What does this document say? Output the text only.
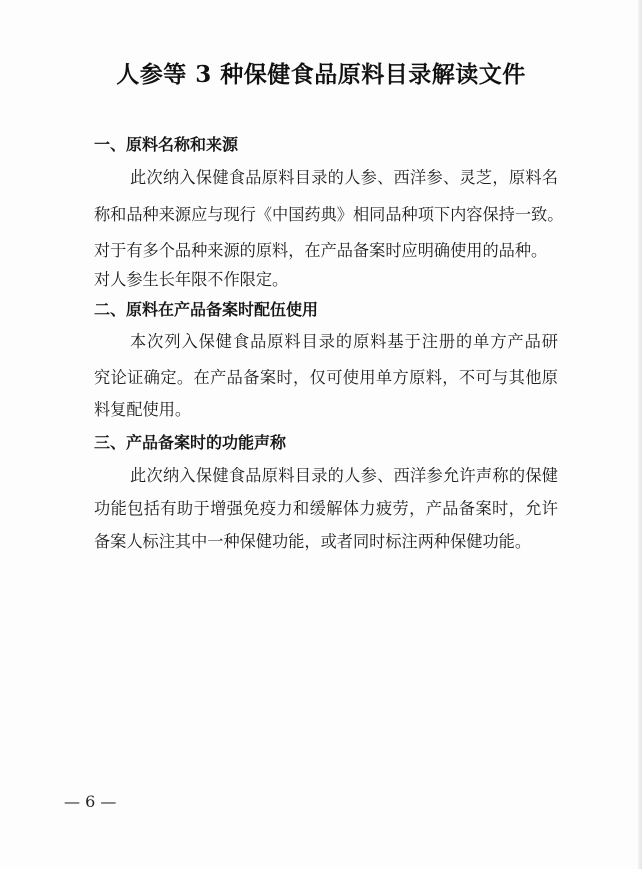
人参等 3 种保健食品原料目录解读文件
一、原料名称和来源
此次纳入保健食品原料目录的人参、西洋参、灵芝，原料名
称和品种来源应与现行《中国药典》相同品种项下内容保持一致。
对于有多个品种来源的原料，在产品备案时应明确使用的品种。
对人参生长年限不作限定。
二、原料在产品备案时配伍使用
本次列入保健食品原料目录的原料基于注册的单方产品研
究论证确定。在产品备案时，仅可使用单方原料，不可与其他原
料复配使用。
三、产品备案时的功能声称
此次纳入保健食品原料目录的人参、西洋参允许声称的保健
功能包括有助于增强免疫力和缓解体力疲劳，产品备案时，允许
备案人标注其中一种保健功能，或者同时标注两种保健功能。
— 6 —
